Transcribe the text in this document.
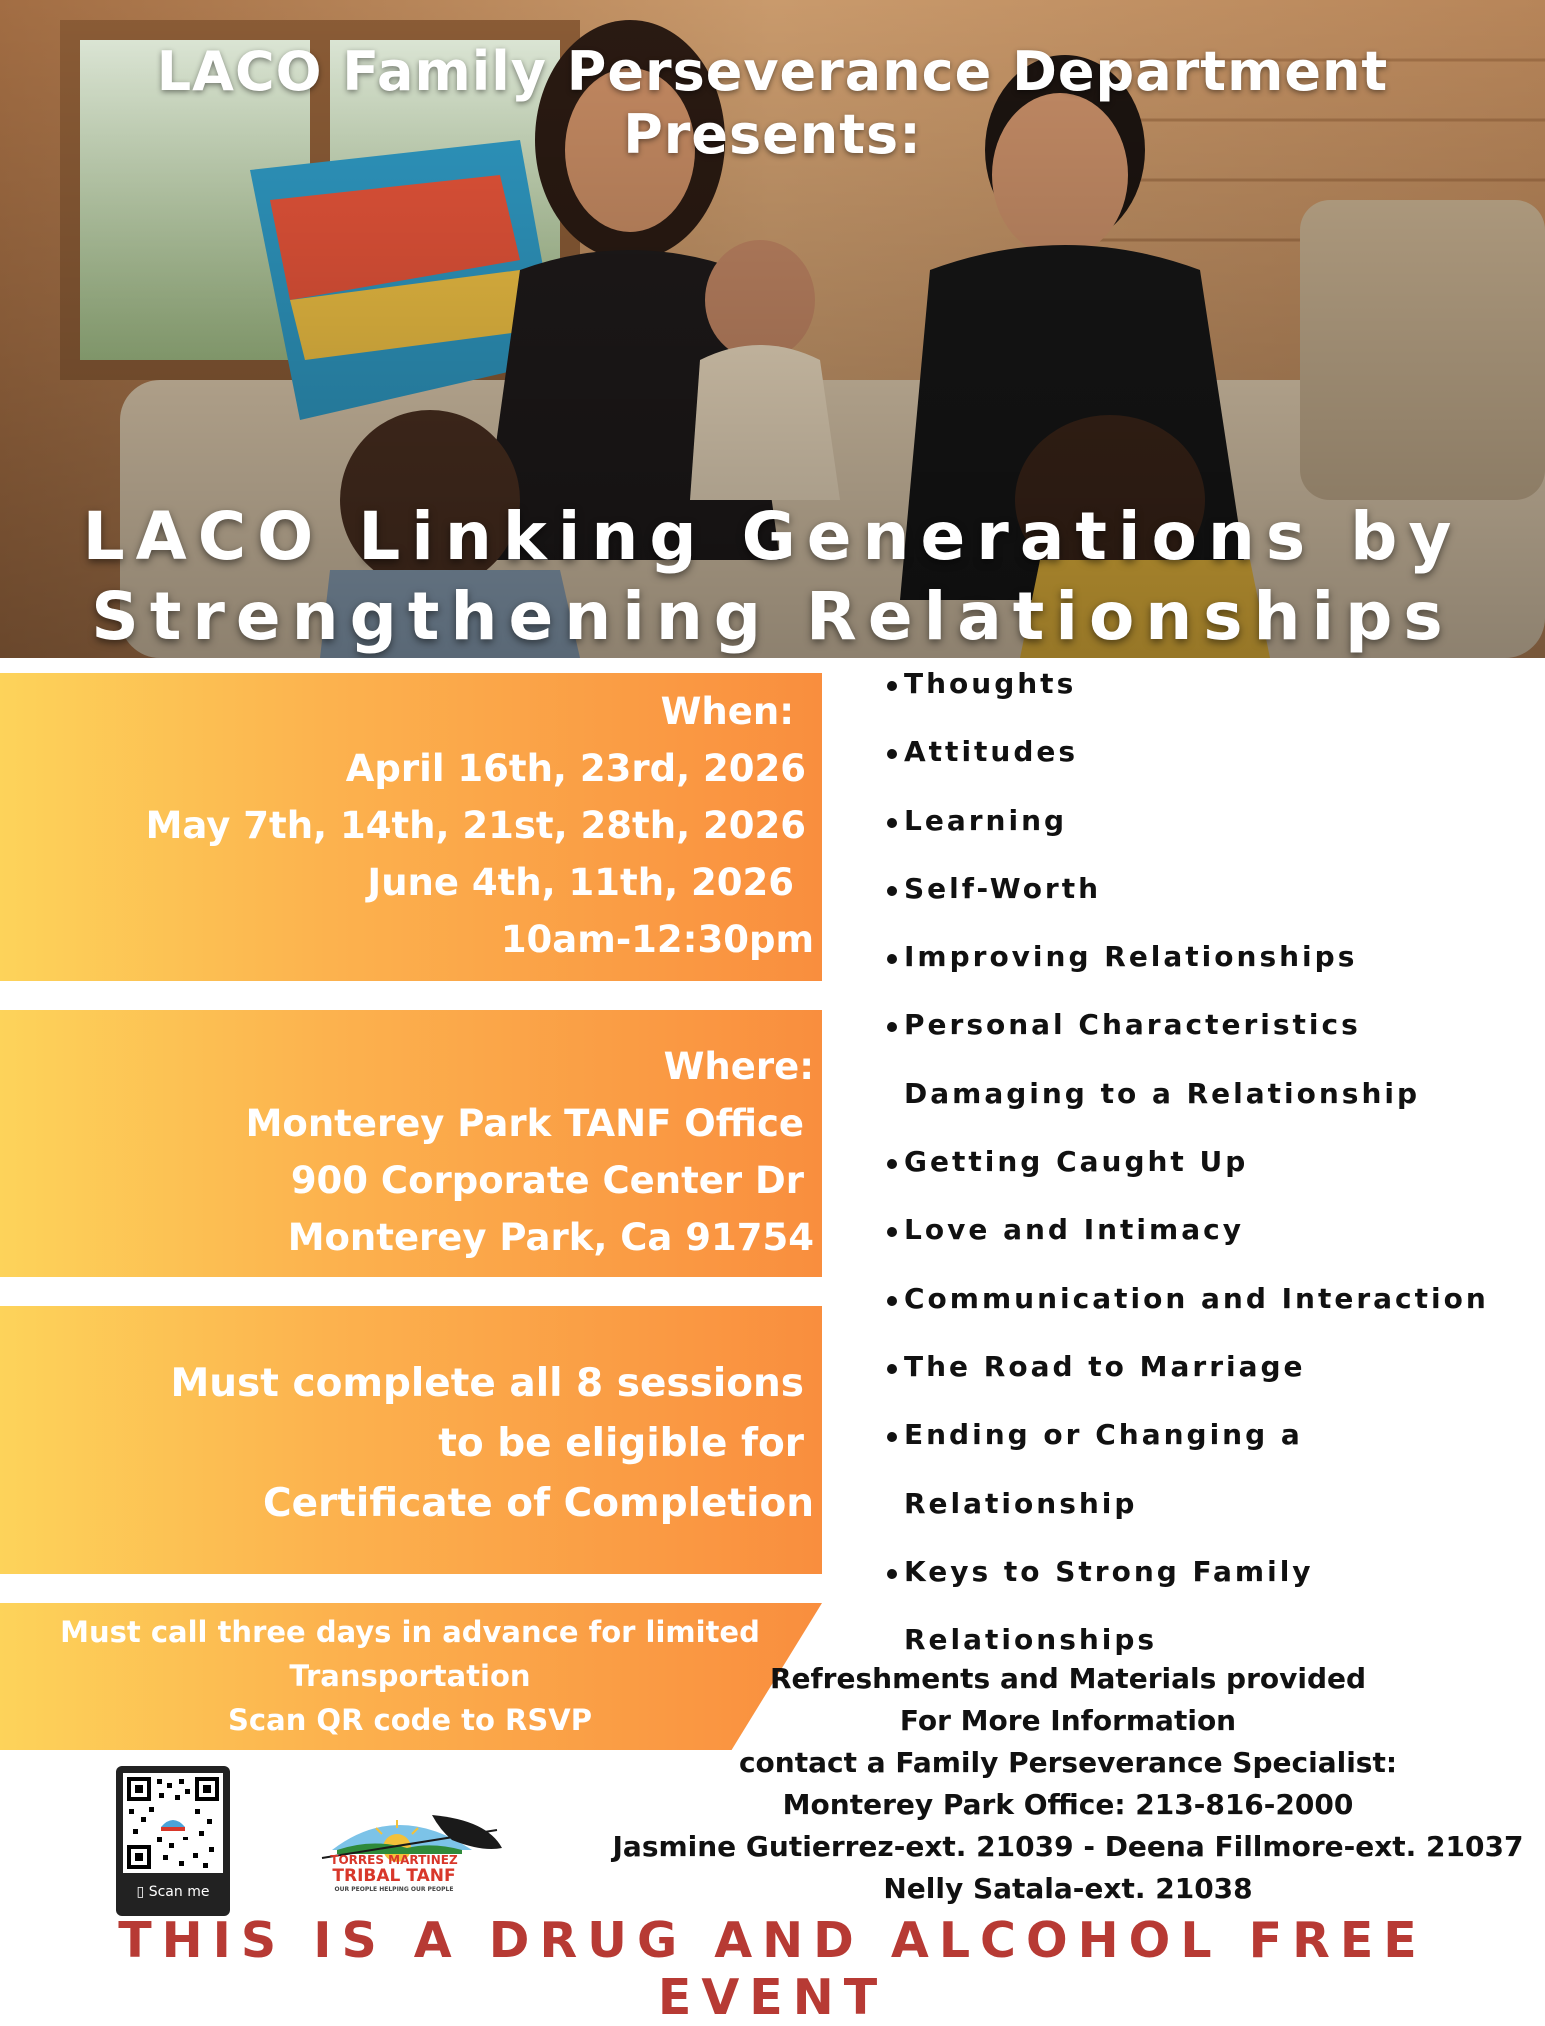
LACO Family Perseverance Department Presents:
LACO Linking Generations by
Strengthening Relationships
When:
April 16th, 23rd, 2026
May 7th, 14th, 21st, 28th, 2026
June 4th, 11th, 2026
10am-12:30pm
Where:
Monterey Park TANF Office
900 Corporate Center Dr
Monterey Park, Ca 91754
Must complete all 8 sessions
to be eligible for
Certificate of Completion
Must call three days in advance for limited
Transportation
Scan QR code to RSVP
Thoughts
Attitudes
Learning
Self-Worth
Improving Relationships
Personal Characteristics
Damaging to a Relationship
Getting Caught Up
Love and Intimacy
Communication and Interaction
The Road to Marriage
Ending or Changing a
Relationship
Keys to Strong Family
Relationships
Refreshments and Materials provided
For More Information
contact a Family Perseverance Specialist:
Monterey Park Office: 213-816-2000
Jasmine Gutierrez-ext. 21039 - Deena Fillmore-ext. 21037
Nelly Satala-ext. 21038
▯ Scan me
TORRES MARTINEZ
TRIBAL TANF
OUR PEOPLE HELPING OUR PEOPLE
THIS IS A DRUG AND ALCOHOL FREE EVENT
